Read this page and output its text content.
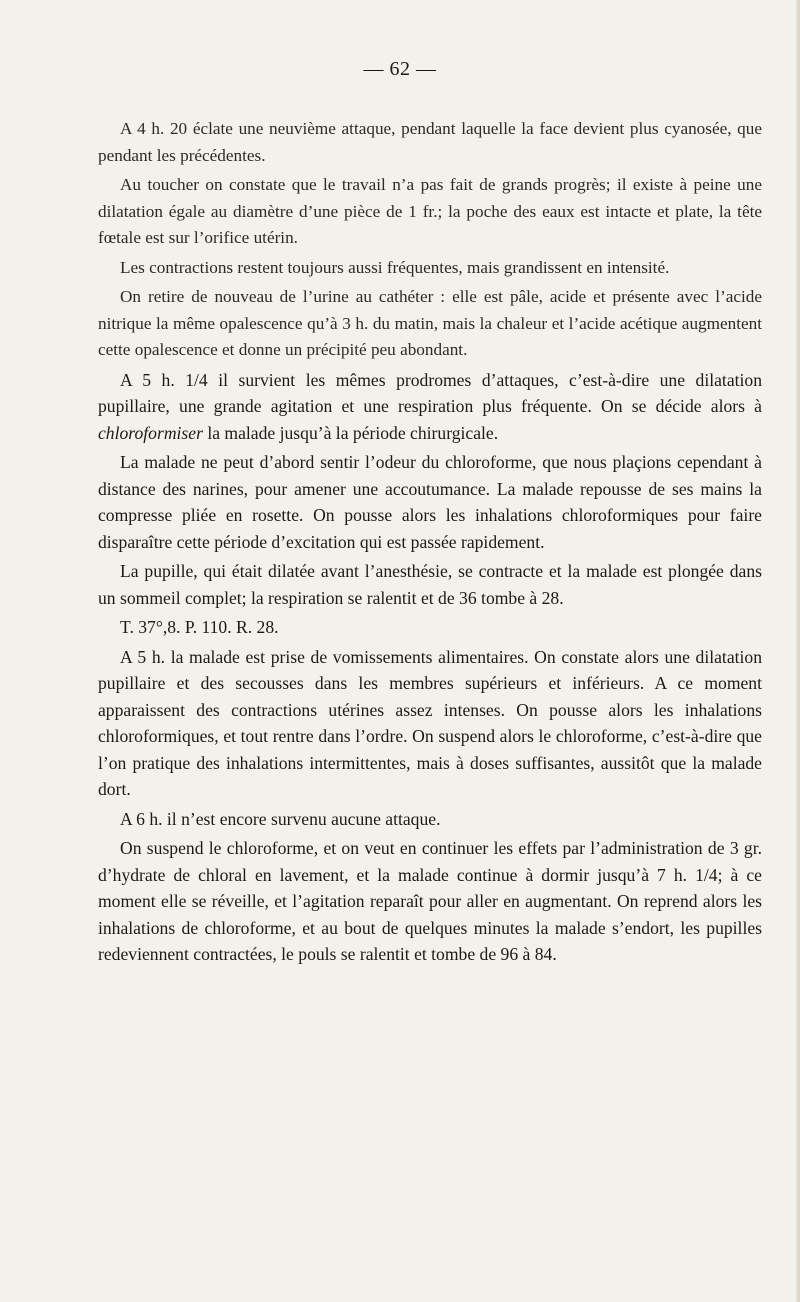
— 62 —

A 4 h. 20 éclate une neuvième attaque, pendant laquelle la face devient plus cyanosée, que pendant les précédentes.

Au toucher on constate que le travail n’a pas fait de grands progrès; il existe à peine une dilatation égale au diamètre d’une pièce de 1 fr.; la poche des eaux est intacte et plate, la tête fœtale est sur l’orifice utérin.

Les contractions restent toujours aussi fréquentes, mais grandissent en intensité.

On retire de nouveau de l’urine au cathéter : elle est pâle, acide et présente avec l’acide nitrique la même opalescence qu’à 3 h. du matin, mais la chaleur et l’acide acétique augmentent cette opalescence et donne un précipité peu abondant.

A 5 h. 1/4 il survient les mêmes prodromes d’attaques, c’est-à-dire une dilatation pupillaire, une grande agitation et une respiration plus fréquente. On se décide alors à chloroformiser la malade jusqu’à la période chirurgicale.

La malade ne peut d’abord sentir l’odeur du chloroforme, que nous plaçions cependant à distance des narines, pour amener une accoutumance. La malade repousse de ses mains la compresse pliée en rosette. On pousse alors les inhalations chloroformiques pour faire disparaître cette période d’excitation qui est passée rapidement.

La pupille, qui était dilatée avant l’anesthésie, se contracte et la malade est plongée dans un sommeil complet; la respiration se ralentit et de 36 tombe à 28.

T. 37°,8. P. 110. R. 28.

A 5 h. la malade est prise de vomissements alimentaires. On constate alors une dilatation pupillaire et des secousses dans les membres supérieurs et inférieurs. A ce moment apparaissent des contractions utérines assez intenses. On pousse alors les inhalations chloroformiques, et tout rentre dans l’ordre. On suspend alors le chloroforme, c’est-à-dire que l’on pratique des inhalations intermittentes, mais à doses suffisantes, aussitôt que la malade dort.

A 6 h. il n’est encore survenu aucune attaque.

On suspend le chloroforme, et on veut en continuer les effets par l’administration de 3 gr. d’hydrate de chloral en lavement, et la malade continue à dormir jusqu’à 7 h. 1/4; à ce moment elle se réveille, et l’agitation reparaît pour aller en augmentant. On reprend alors les inhalations de chloroforme, et au bout de quelques minutes la malade s’endort, les pupilles redeviennent contractées, le pouls se ralentit et tombe de 96 à 84.
